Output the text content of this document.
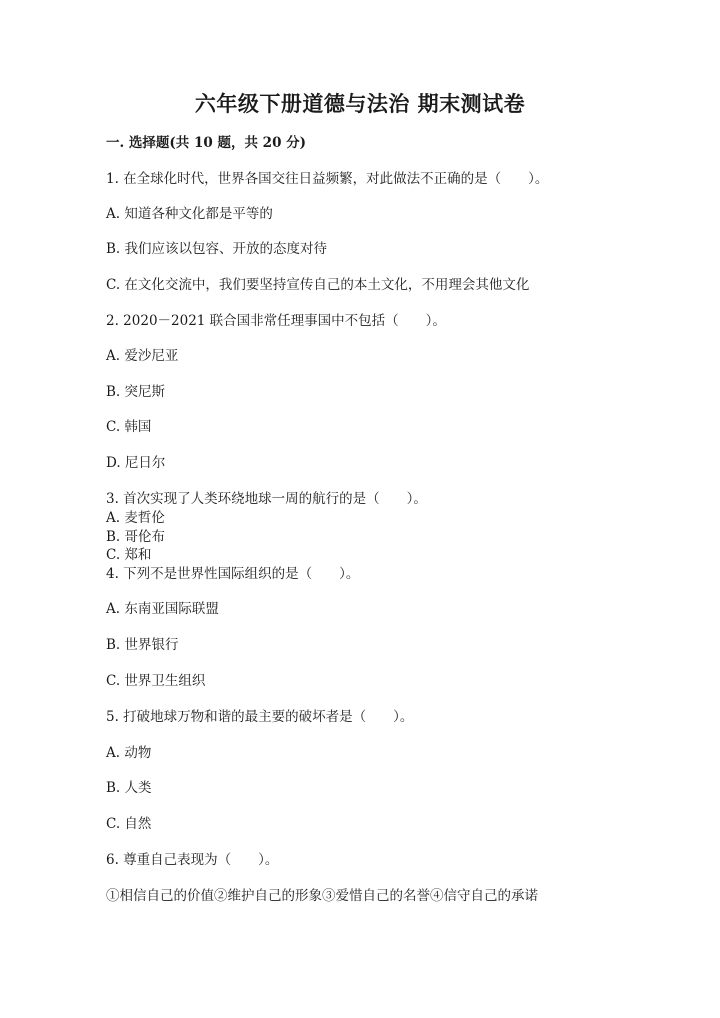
六年级下册道德与法治 期末测试卷
一. 选择题(共 10 题，共 20 分)
1. 在全球化时代，世界各国交往日益频繁，对此做法不正确的是（　　）。
A. 知道各种文化都是平等的
B. 我们应该以包容、开放的态度对待
C. 在文化交流中，我们要坚持宣传自己的本土文化，不用理会其他文化
2. 2020－2021 联合国非常任理事国中不包括（　　）。
A. 爱沙尼亚
B. 突尼斯
C. 韩国
D. 尼日尔
3. 首次实现了人类环绕地球一周的航行的是（　　）。
A. 麦哲伦
B. 哥伦布
C. 郑和
4. 下列不是世界性国际组织的是（　　）。
A. 东南亚国际联盟
B. 世界银行
C. 世界卫生组织
5. 打破地球万物和谐的最主要的破坏者是（　　）。
A. 动物
B. 人类
C. 自然
6. 尊重自己表现为（　　）。
①相信自己的价值②维护自己的形象③爱惜自己的名誉④信守自己的承诺
